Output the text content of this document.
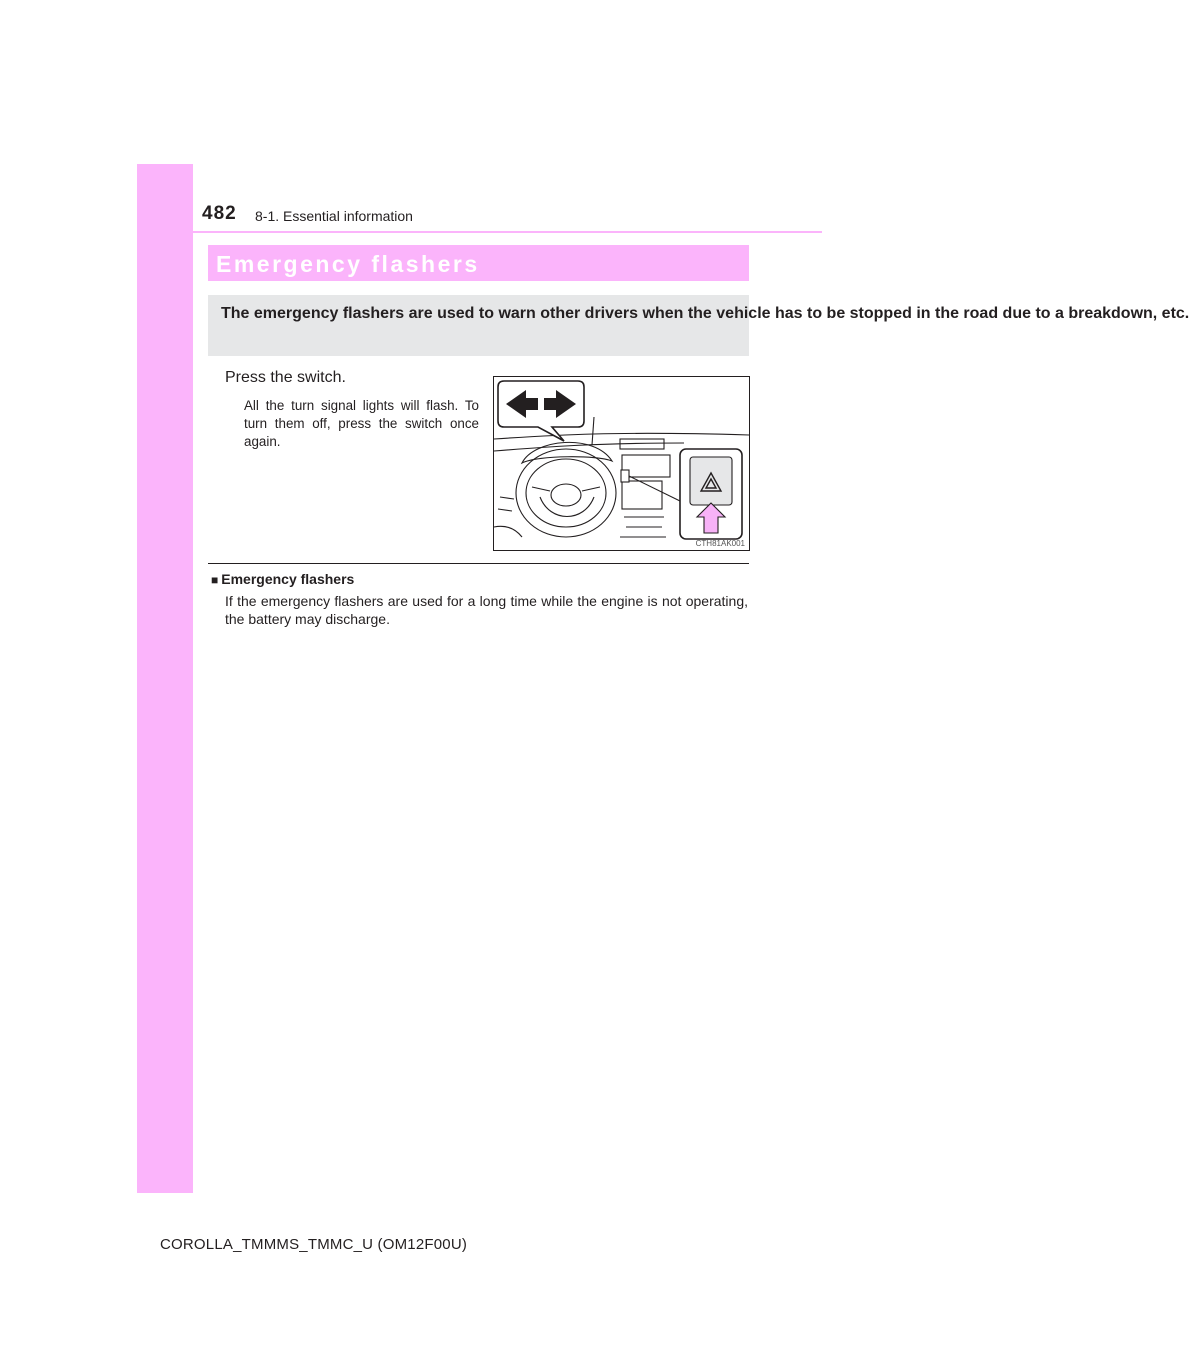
482 8-1. Essential information
Emergency flashers
The emergency flashers are used to warn other drivers when the vehicle has to be stopped in the road due to a breakdown, etc.
Press the switch.
All the turn signal lights will flash. To turn them off, press the switch once again.
CTH81AK001
■ Emergency flashers
If the emergency flashers are used for a long time while the engine is not operating, the battery may discharge.
COROLLA_TMMMS_TMMC_U (OM12F00U)
